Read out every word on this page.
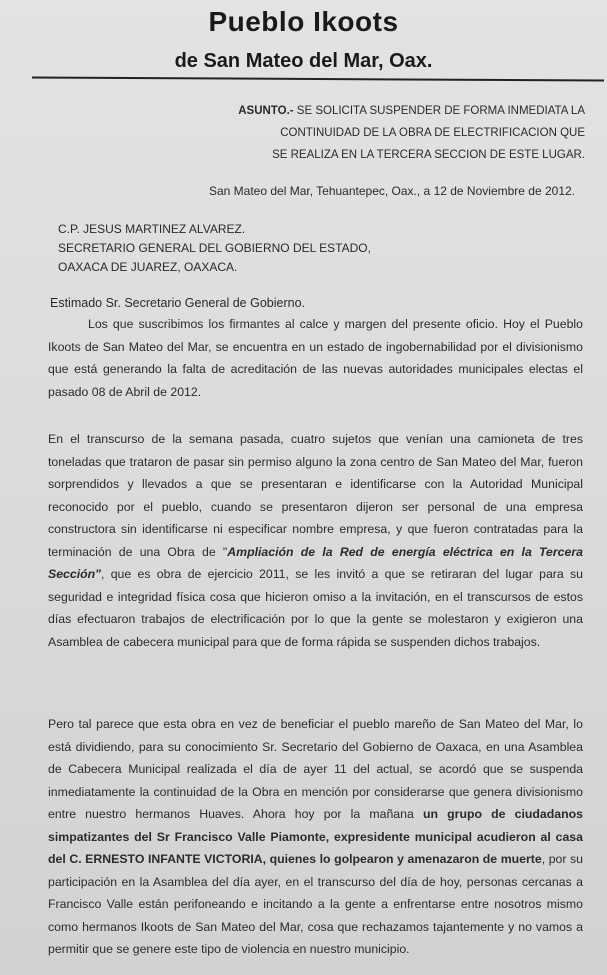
Pueblo Ikoots
de San Mateo del Mar, Oax.
ASUNTO.- SE SOLICITA SUSPENDER DE FORMA INMEDIATA LA
CONTINUIDAD DE LA OBRA DE ELECTRIFICACION QUE
SE REALIZA EN LA TERCERA SECCION DE ESTE LUGAR.
San Mateo del Mar, Tehuantepec, Oax., a 12 de Noviembre de 2012.
C.P. JESUS MARTINEZ ALVAREZ.
SECRETARIO GENERAL DEL GOBIERNO DEL ESTADO,
OAXACA DE JUAREZ, OAXACA.
Estimado Sr. Secretario General de Gobierno.
Los que suscribimos los firmantes al calce y margen del presente oficio. Hoy el Pueblo Ikoots de San Mateo del Mar, se encuentra en un estado de ingobernabilidad por el divisionismo que está generando la falta de acreditación de las nuevas autoridades municipales electas el pasado 08 de Abril de 2012.
En el transcurso de la semana pasada, cuatro sujetos que venían una camioneta de tres toneladas que trataron de pasar sin permiso alguno la zona centro de San Mateo del Mar, fueron sorprendidos y llevados a que se presentaran e identificarse con la Autoridad Municipal reconocido por el pueblo, cuando se presentaron dijeron ser personal de una empresa constructora sin identificarse ni especificar nombre empresa, y que fueron contratadas para la terminación de una Obra de "Ampliación de la Red de energía eléctrica en la Tercera Sección", que es obra de ejercicio 2011, se les invitó a que se retiraran del lugar para su seguridad e integridad física cosa que hicieron omiso a la invitación, en el transcursos de estos días efectuaron trabajos de electrificación por lo que la gente se molestaron y exigieron una Asamblea de cabecera municipal para que de forma rápida se suspenden dichos trabajos.
Pero tal parece que esta obra en vez de beneficiar el pueblo mareño de San Mateo del Mar, lo está dividiendo, para su conocimiento Sr. Secretario del Gobierno de Oaxaca, en una Asamblea de Cabecera Municipal realizada el día de ayer 11 del actual, se acordó que se suspenda inmediatamente la continuidad de la Obra en mención por considerarse que genera divisionismo entre nuestro hermanos Huaves. Ahora hoy por la mañana un grupo de ciudadanos simpatizantes del Sr Francisco Valle Piamonte, expresidente municipal acudieron al casa del C. ERNESTO INFANTE VICTORIA, quienes lo golpearon y amenazaron de muerte, por su participación en la Asamblea del día ayer, en el transcurso del día de hoy, personas cercanas a Francisco Valle están perifoneando e incitando a la gente a enfrentarse entre nosotros mismo como hermanos Ikoots de San Mateo del Mar, cosa que rechazamos tajantemente y no vamos a permitir que se genere este tipo de violencia en nuestro municipio.
